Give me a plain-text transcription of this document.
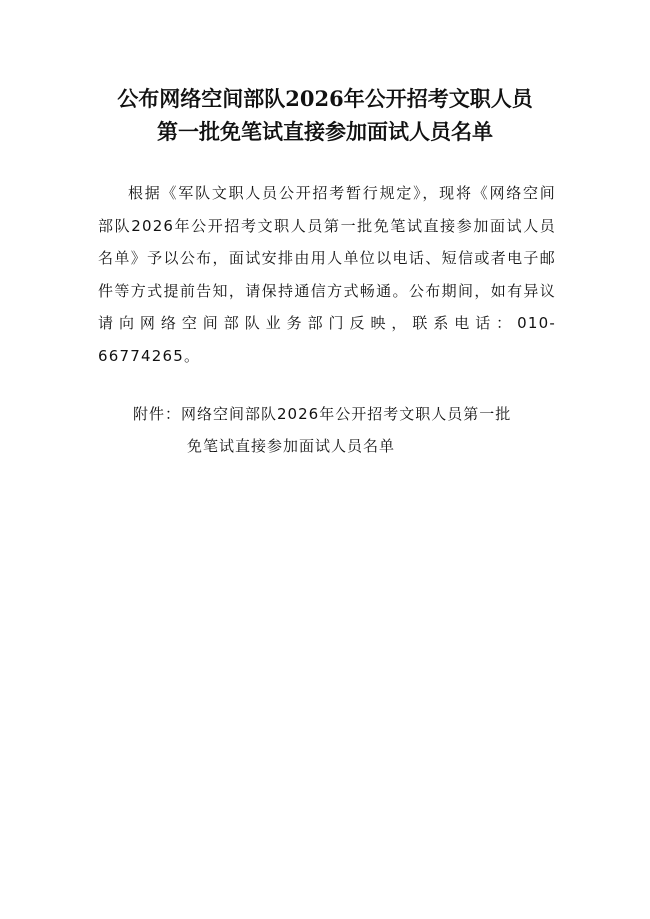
公布网络空间部队2026年公开招考文职人员
第一批免笔试直接参加面试人员名单

根据《军队文职人员公开招考暂行规定》，现将《网络空间部队2026年公开招考文职人员第一批免笔试直接参加面试人员名单》予以公布，面试安排由用人单位以电话、短信或者电子邮件等方式提前告知，请保持通信方式畅通。公布期间，如有异议请向网络空间部队业务部门反映，联系电话：010-66774265。

附件：网络空间部队2026年公开招考文职人员第一批
免笔试直接参加面试人员名单
